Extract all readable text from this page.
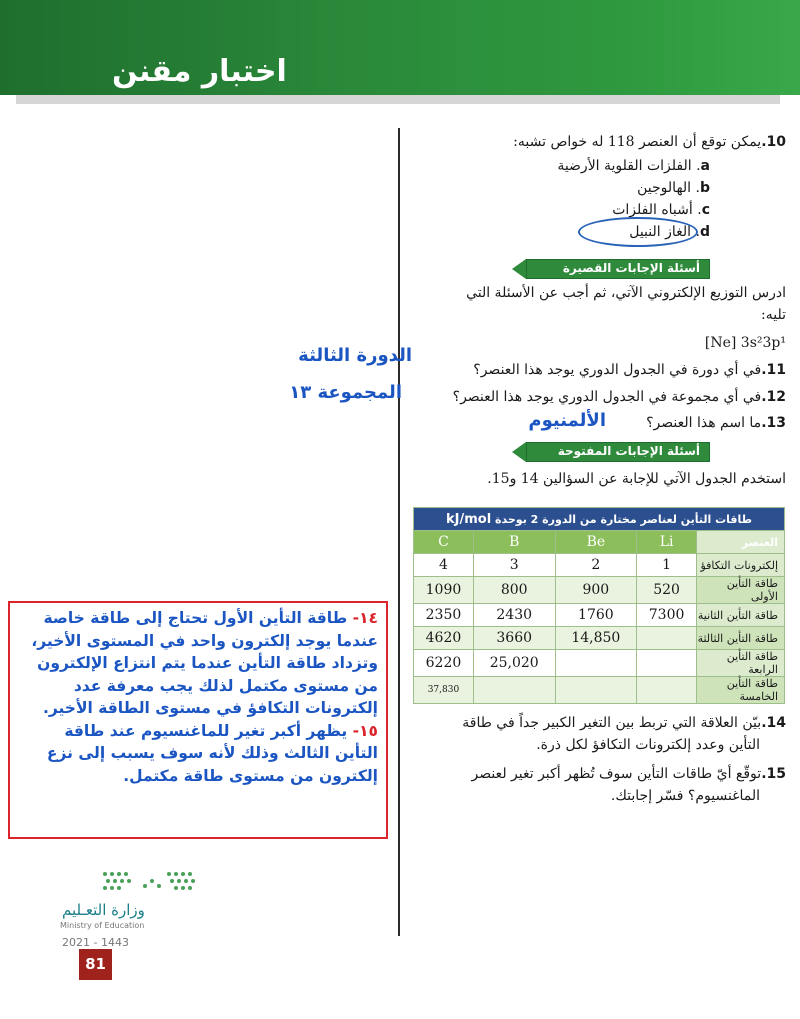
اختبار مقنن
10.يمكن توقع أن العنصر 118 له خواص تشبه:
a. الفلزات القلوية الأرضية
b. الهالوجين
c. أشباه الفلزات
d. الغاز النبيل
أسئلة الإجابات القصيرة
ادرس التوزيع الإلكتروني الآتي، ثم أجب عن الأسئلة التي
تليه:
[Ne] 3s²3p¹
11.في أي دورة في الجدول الدوري يوجد هذا العنصر؟
12.في أي مجموعة في الجدول الدوري يوجد هذا العنصر؟
13.ما اسم هذا العنصر؟
الدورة الثالثة
المجموعة ١٣
الألمنيوم
أسئلة الإجابات المفتوحة
استخدم الجدول الآتي للإجابة عن السؤالين 14 و15.
طاقات التأين لعناصر مختارة من الدورة 2 بوحدة kJ/mol				
العنصر	Li	Be	B	C
إلكترونات التكافؤ	1	2	3	4
طاقة التأين الأولى	520	900	800	1090
طاقة التأين الثانية	7300	1760	2430	2350
طاقة التأين الثالثة		14,850	3660	4620
طاقة التأين الرابعة			25,020	6220
طاقة التأين الخامسة				37,830
14.بيّن العلاقة التي تربط بين التغير الكبير جداً في طاقة
التأين وعدد إلكترونات التكافؤ لكل ذرة.
15.توقّع أيّ طاقات التأين سوف تُظهر أكبر تغير لعنصر
الماغنسيوم؟ فسّر إجابتك.
١٤- طاقة التأين الأول تحتاج إلى طاقة خاصة عندما يوجد إلكترون واحد في المستوى الأخير، وتزداد طاقة التأين عندما يتم انتزاع الإلكترون من مستوى مكتمل لذلك يجب معرفة عدد إلكترونات التكافؤ في مستوى الطاقة الأخير. ١٥- يظهر أكبر تغير للماغنسيوم عند طاقة التأين الثالث وذلك لأنه سوف يسبب إلى نزع إلكترون من مستوى طاقة مكتمل.
وزارة التعـليم
Ministry of Education
2021 - 1443
81
